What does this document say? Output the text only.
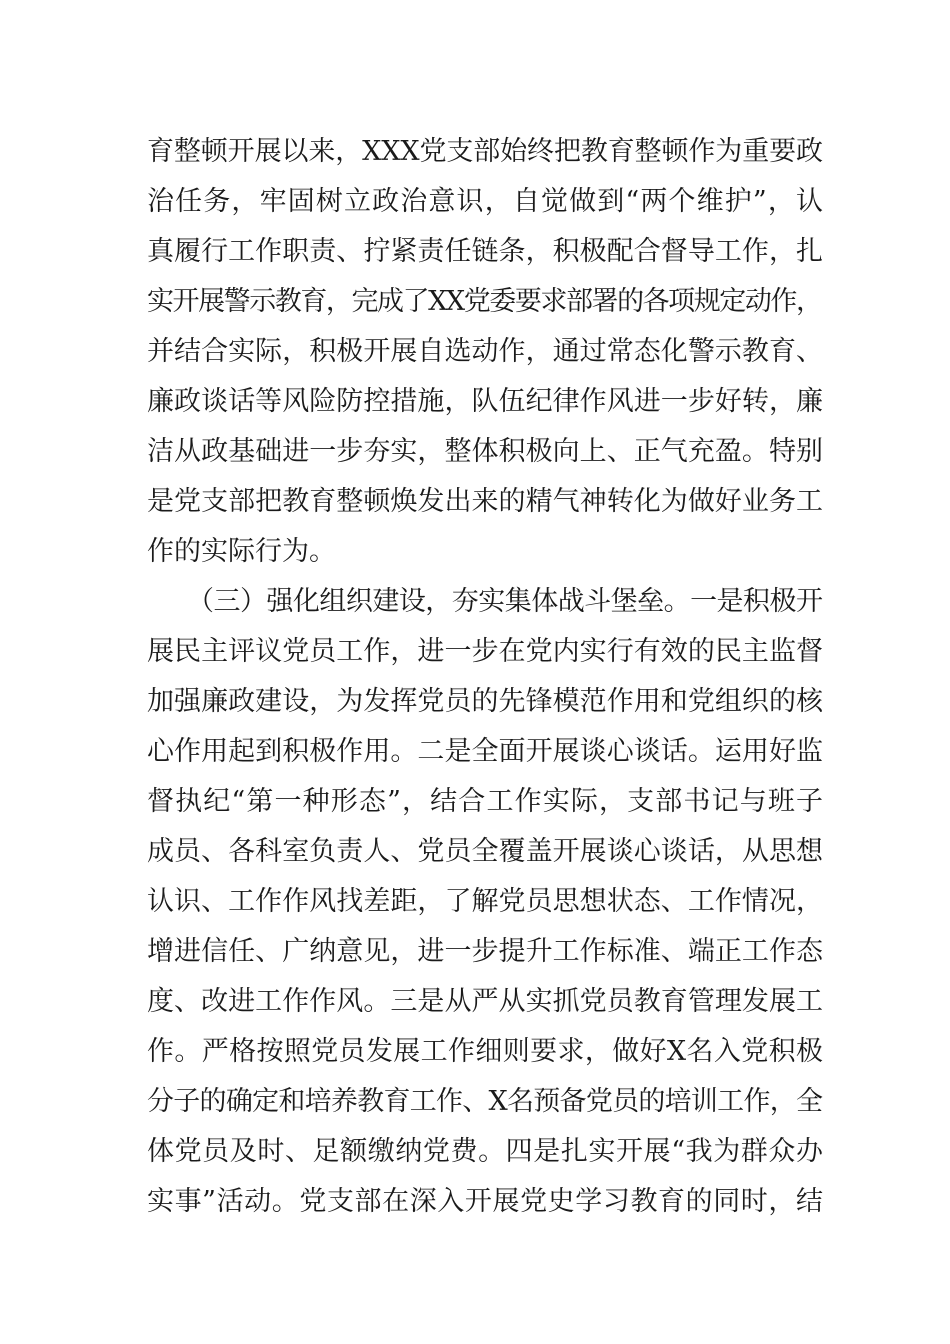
育整顿开展以来，XXX党支部始终把教育整顿作为重要政
治任务，牢固树立政治意识，自觉做到“两个维护”，认
真履行工作职责、拧紧责任链条，积极配合督导工作，扎
实开展警示教育，完成了XX党委要求部署的各项规定动作，
并结合实际，积极开展自选动作，通过常态化警示教育、
廉政谈话等风险防控措施，队伍纪律作风进一步好转，廉
洁从政基础进一步夯实，整体积极向上、正气充盈。特别
是党支部把教育整顿焕发出来的精气神转化为做好业务工
作的实际行为。
（三）强化组织建设，夯实集体战斗堡垒。一是积极开
展民主评议党员工作，进一步在党内实行有效的民主监督
加强廉政建设，为发挥党员的先锋模范作用和党组织的核
心作用起到积极作用。二是全面开展谈心谈话。运用好监
督执纪“第一种形态”，结合工作实际，支部书记与班子
成员、各科室负责人、党员全覆盖开展谈心谈话，从思想
认识、工作作风找差距，了解党员思想状态、工作情况，
增进信任、广纳意见，进一步提升工作标准、端正工作态
度、改进工作作风。三是从严从实抓党员教育管理发展工
作。严格按照党员发展工作细则要求，做好X名入党积极
分子的确定和培养教育工作、X名预备党员的培训工作，全
体党员及时、足额缴纳党费。四是扎实开展“我为群众办
实事”活动。党支部在深入开展党史学习教育的同时，结
